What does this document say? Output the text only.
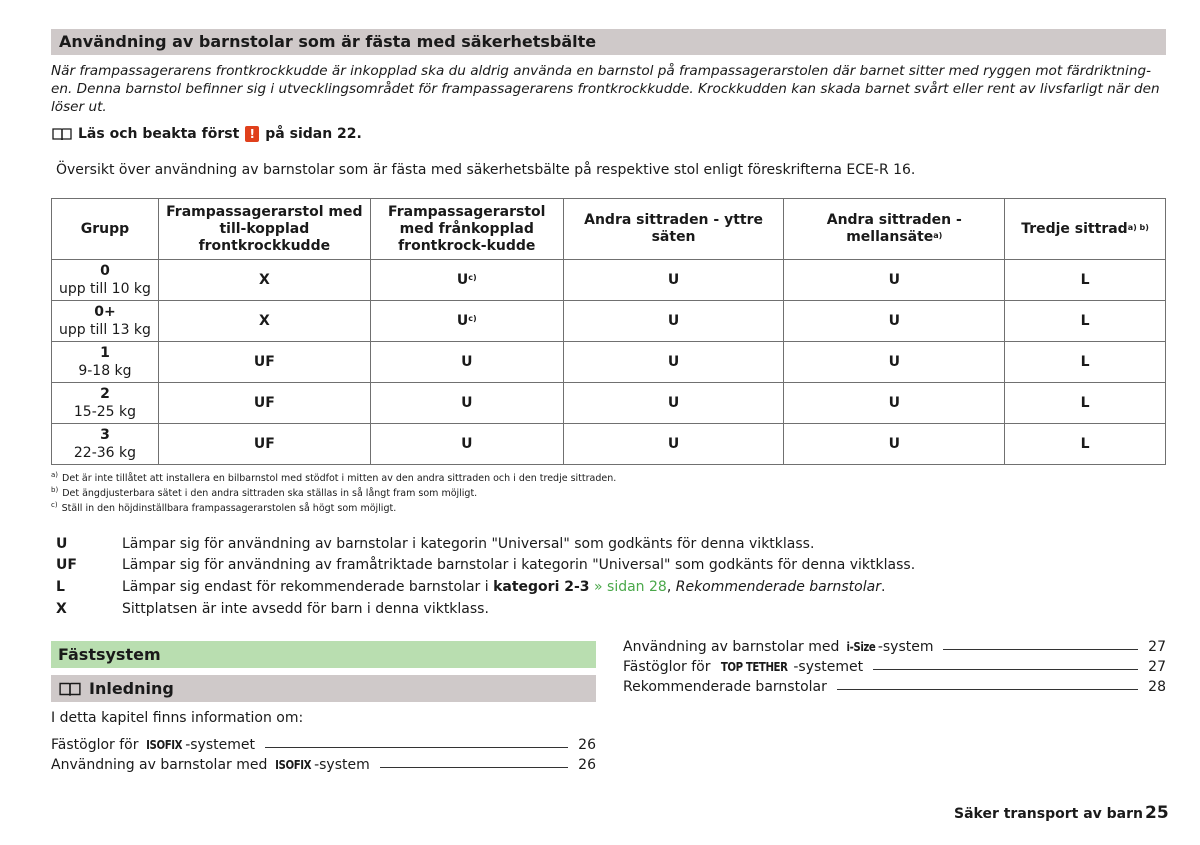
Användning av barnstolar som är fästa med säkerhetsbälte
När frampassagerarens frontkrockkudde är inkopplad ska du aldrig använda en barnstol på frampassagerarstolen där barnet sitter med ryggen mot färdriktning-en. Denna barnstol befinner sig i utvecklingsområdet för frampassagerarens frontkrockkudde. Krockkudden kan skada barnet svårt eller rent av livsfarligt när den löser ut.
Läs och beakta först ! på sidan 22.
Översikt över användning av barnstolar som är fästa med säkerhetsbälte på respektive stol enligt föreskrifterna ECE-R 16.
Grupp	Frampassagerarstol med till-kopplad frontkrockkudde	Frampassagerarstol med frånkopplad frontkrock-kudde	Andra sittraden - yttre säten	Andra sittraden - mellansäte$^{a)}$	Tredje sittrad$^{a) b)}$
0
upp till 10 kg	X	$U^{c)}$	U	U	L
0+
upp till 13 kg	X	$U^{c)}$	U	U	L
1
9-18 kg	UF	U	U	U	L
2
15-25 kg	UF	U	U	U	L
3
22-36 kg	UF	U	U	U	L
$^{a)}$ Det är inte tillåtet att installera en bilbarnstol med stödfot i mitten av den andra sittraden och i den tredje sittraden.
$^{b)}$ Det ängdjusterbara sätet i den andra sittraden ska ställas in så långt fram som möjligt.
$^{c)}$ Ställ in den höjdinställbara frampassagerarstolen så högt som möjligt.
U	Lämpar sig för användning av barnstolar i kategorin "Universal" som godkänts för denna viktklass.
UF	Lämpar sig för användning av framåtriktade barnstolar i kategorin "Universal" som godkänts för denna viktklass.
L	Lämpar sig endast för rekommenderade barnstolar i kategori 2-3 » sidan 28, Rekommenderade barnstolar.
X	Sittplatsen är inte avsedd för barn i denna viktklass.
Fästsystem
Inledning
I detta kapitel finns information om:
Fästöglor för ISOFIX -systemet	26
Användning av barnstolar med ISOFIX -system	26
Användning av barnstolar med i-Size -system	27
Fästöglor för TOP TETHER -systemet	27
Rekommenderade barnstolar	28
Säker transport av barn 25
